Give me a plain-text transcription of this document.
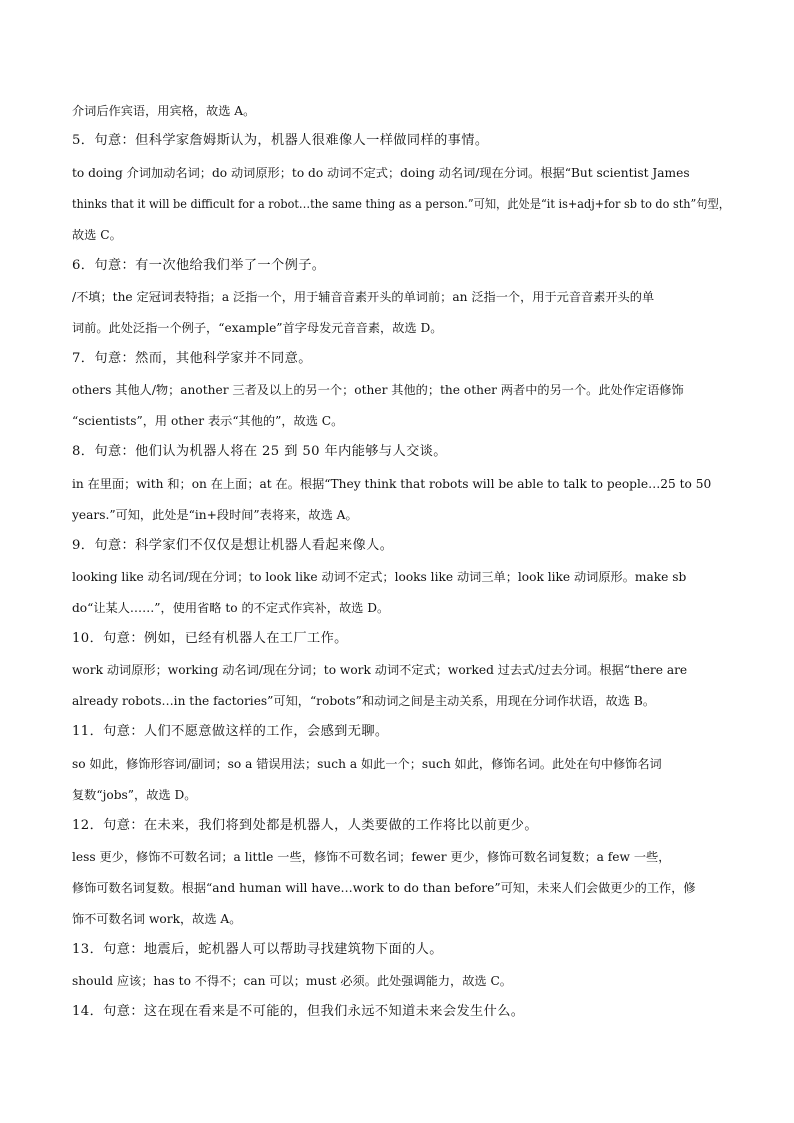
介词后作宾语，用宾格，故选 A。
5．句意：但科学家詹姆斯认为，机器人很难像人一样做同样的事情。
to doing 介词加动名词；do 动词原形；to do 动词不定式；doing 动名词/现在分词。根据“But scientist James
thinks that it will be difficult for a robot…the same thing as a person.”可知，此处是“it is+adj+for sb to do sth”句型，
故选 C。
6．句意：有一次他给我们举了一个例子。
/不填；the 定冠词表特指；a 泛指一个，用于辅音音素开头的单词前；an 泛指一个，用于元音音素开头的单
词前。此处泛指一个例子，“example”首字母发元音音素，故选 D。
7．句意：然而，其他科学家并不同意。
others 其他人/物；another 三者及以上的另一个；other 其他的；the other 两者中的另一个。此处作定语修饰
“scientists”，用 other 表示“其他的”，故选 C。
8．句意：他们认为机器人将在 25 到 50 年内能够与人交谈。
in 在里面；with 和；on 在上面；at 在。根据“They think that robots will be able to talk to people…25 to 50
years.”可知，此处是“in+段时间”表将来，故选 A。
9．句意：科学家们不仅仅是想让机器人看起来像人。
looking like 动名词/现在分词；to look like 动词不定式；looks like 动词三单；look like 动词原形。make sb
do“让某人……”，使用省略 to 的不定式作宾补，故选 D。
10．句意：例如，已经有机器人在工厂工作。
work 动词原形；working 动名词/现在分词；to work 动词不定式；worked 过去式/过去分词。根据“there are
already robots…in the factories”可知，“robots”和动词之间是主动关系，用现在分词作状语，故选 B。
11．句意：人们不愿意做这样的工作，会感到无聊。
so 如此，修饰形容词/副词；so a 错误用法；such a 如此一个；such 如此，修饰名词。此处在句中修饰名词
复数“jobs”，故选 D。
12．句意：在未来，我们将到处都是机器人，人类要做的工作将比以前更少。
less 更少，修饰不可数名词；a little 一些，修饰不可数名词；fewer 更少，修饰可数名词复数；a few 一些，
修饰可数名词复数。根据“and human will have…work to do than before”可知，未来人们会做更少的工作，修
饰不可数名词 work，故选 A。
13．句意：地震后，蛇机器人可以帮助寻找建筑物下面的人。
should 应该；has to 不得不；can 可以；must 必须。此处强调能力，故选 C。
14．句意：这在现在看来是不可能的，但我们永远不知道未来会发生什么。
